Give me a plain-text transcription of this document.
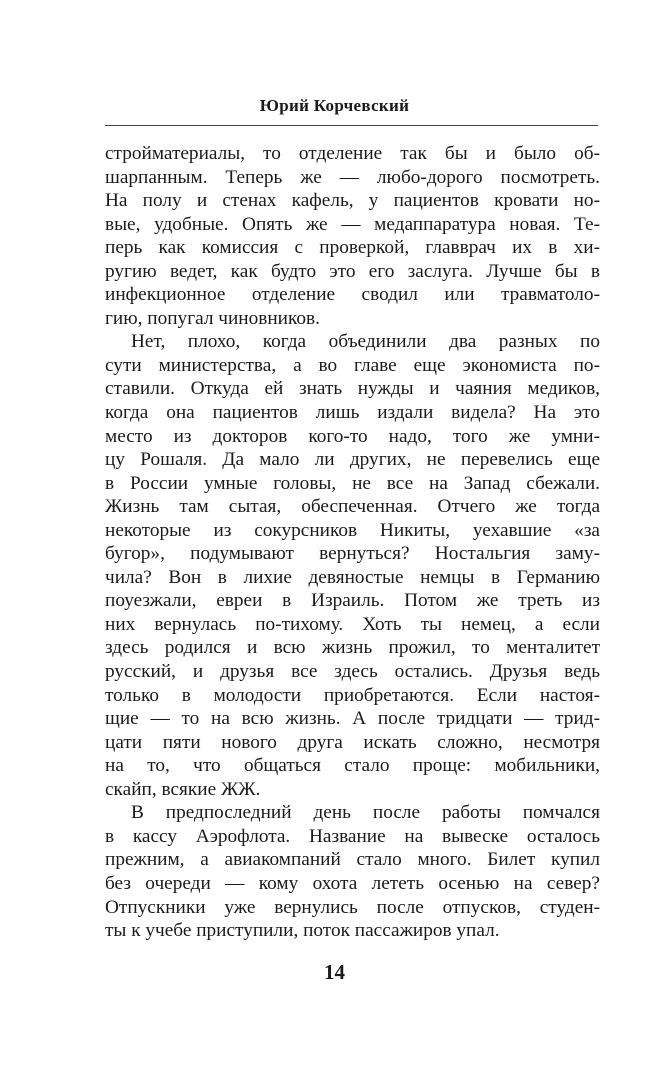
Юрий Корчевский
стройматериалы, то отделение так бы и было об-
шарпанным. Теперь же — любо-дорого посмотреть.
На полу и стенах кафель, у пациентов кровати но-
вые, удобные. Опять же — медаппаратура новая. Те-
перь как комиссия с проверкой, главврач их в хи-
ругию ведет, как будто это его заслуга. Лучше бы в
инфекционное отделение сводил или травматоло-
гию, попугал чиновников.
Нет, плохо, когда объединили два разных по
сути министерства, а во главе еще экономиста по-
ставили. Откуда ей знать нужды и чаяния медиков,
когда она пациентов лишь издали видела? На это
место из докторов кого-то надо, того же умни-
цу Рошаля. Да мало ли других, не перевелись еще
в России умные головы, не все на Запад сбежали.
Жизнь там сытая, обеспеченная. Отчего же тогда
некоторые из сокурсников Никиты, уехавшие «за
бугор», подумывают вернуться? Ностальгия заму-
чила? Вон в лихие девяностые немцы в Германию
поуезжали, евреи в Израиль. Потом же треть из
них вернулась по-тихому. Хоть ты немец, а если
здесь родился и всю жизнь прожил, то менталитет
русский, и друзья все здесь остались. Друзья ведь
только в молодости приобретаются. Если настоя-
щие — то на всю жизнь. А после тридцати — трид-
цати пяти нового друга искать сложно, несмотря
на то, что общаться стало проще: мобильники,
скайп, всякие ЖЖ.
В предпоследний день после работы помчался
в кассу Аэрофлота. Название на вывеске осталось
прежним, а авиакомпаний стало много. Билет купил
без очереди — кому охота лететь осенью на север?
Отпускники уже вернулись после отпусков, студен-
ты к учебе приступили, поток пассажиров упал.
14
